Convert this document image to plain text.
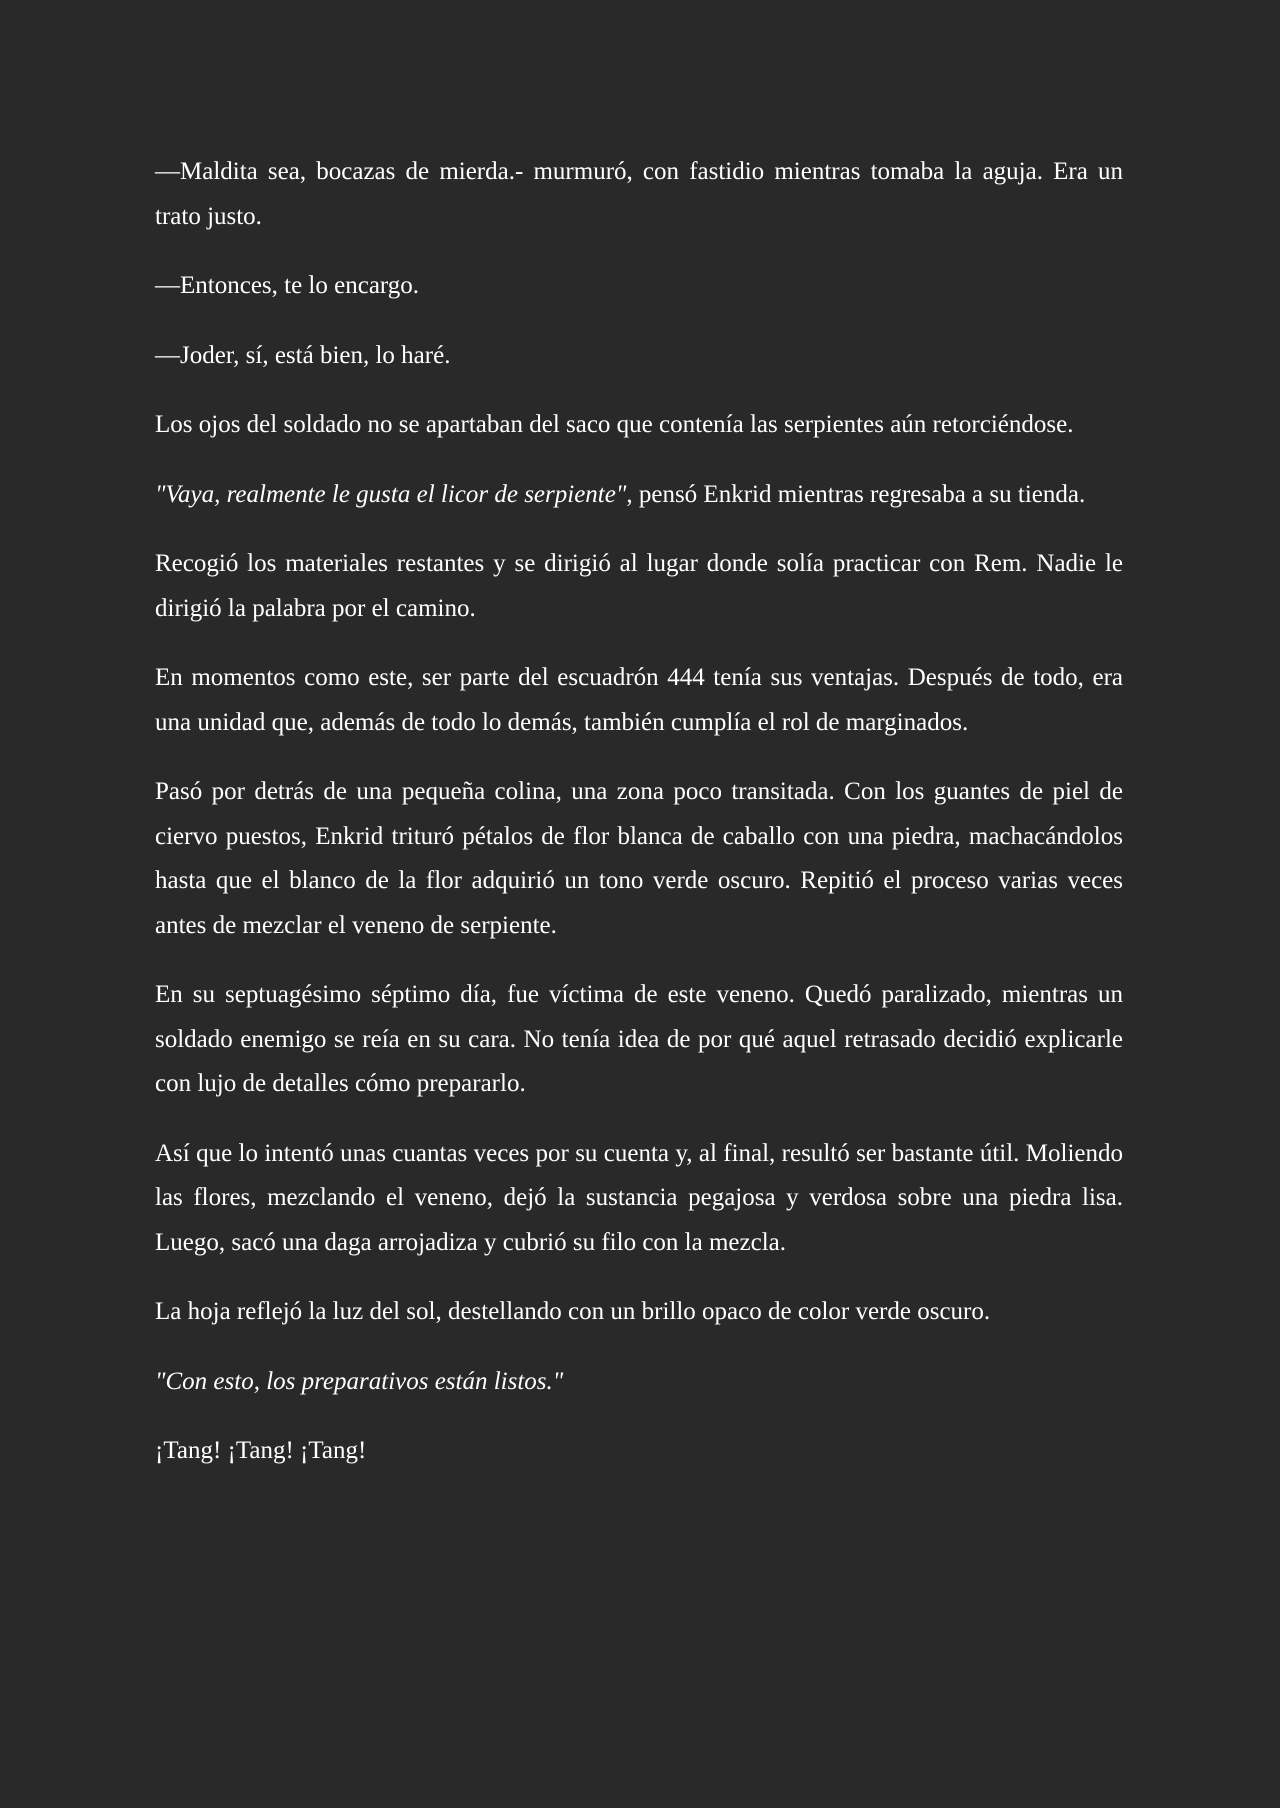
—Maldita sea, bocazas de mierda.- murmuró, con fastidio mientras tomaba la aguja. Era un trato justo.

—Entonces, te lo encargo.

—Joder, sí, está bien, lo haré.

Los ojos del soldado no se apartaban del saco que contenía las serpientes aún retorciéndose.

"Vaya, realmente le gusta el licor de serpiente", pensó Enkrid mientras regresaba a su tienda.

Recogió los materiales restantes y se dirigió al lugar donde solía practicar con Rem. Nadie le dirigió la palabra por el camino.

En momentos como este, ser parte del escuadrón 444 tenía sus ventajas. Después de todo, era una unidad que, además de todo lo demás, también cumplía el rol de marginados.

Pasó por detrás de una pequeña colina, una zona poco transitada. Con los guantes de piel de ciervo puestos, Enkrid trituró pétalos de flor blanca de caballo con una piedra, machacándolos hasta que el blanco de la flor adquirió un tono verde oscuro. Repitió el proceso varias veces antes de mezclar el veneno de serpiente.

En su septuagésimo séptimo día, fue víctima de este veneno. Quedó paralizado, mientras un soldado enemigo se reía en su cara. No tenía idea de por qué aquel retrasado decidió explicarle con lujo de detalles cómo prepararlo.

Así que lo intentó unas cuantas veces por su cuenta y, al final, resultó ser bastante útil. Moliendo las flores, mezclando el veneno, dejó la sustancia pegajosa y verdosa sobre una piedra lisa. Luego, sacó una daga arrojadiza y cubrió su filo con la mezcla.

La hoja reflejó la luz del sol, destellando con un brillo opaco de color verde oscuro.

"Con esto, los preparativos están listos."

¡Tang! ¡Tang! ¡Tang!
